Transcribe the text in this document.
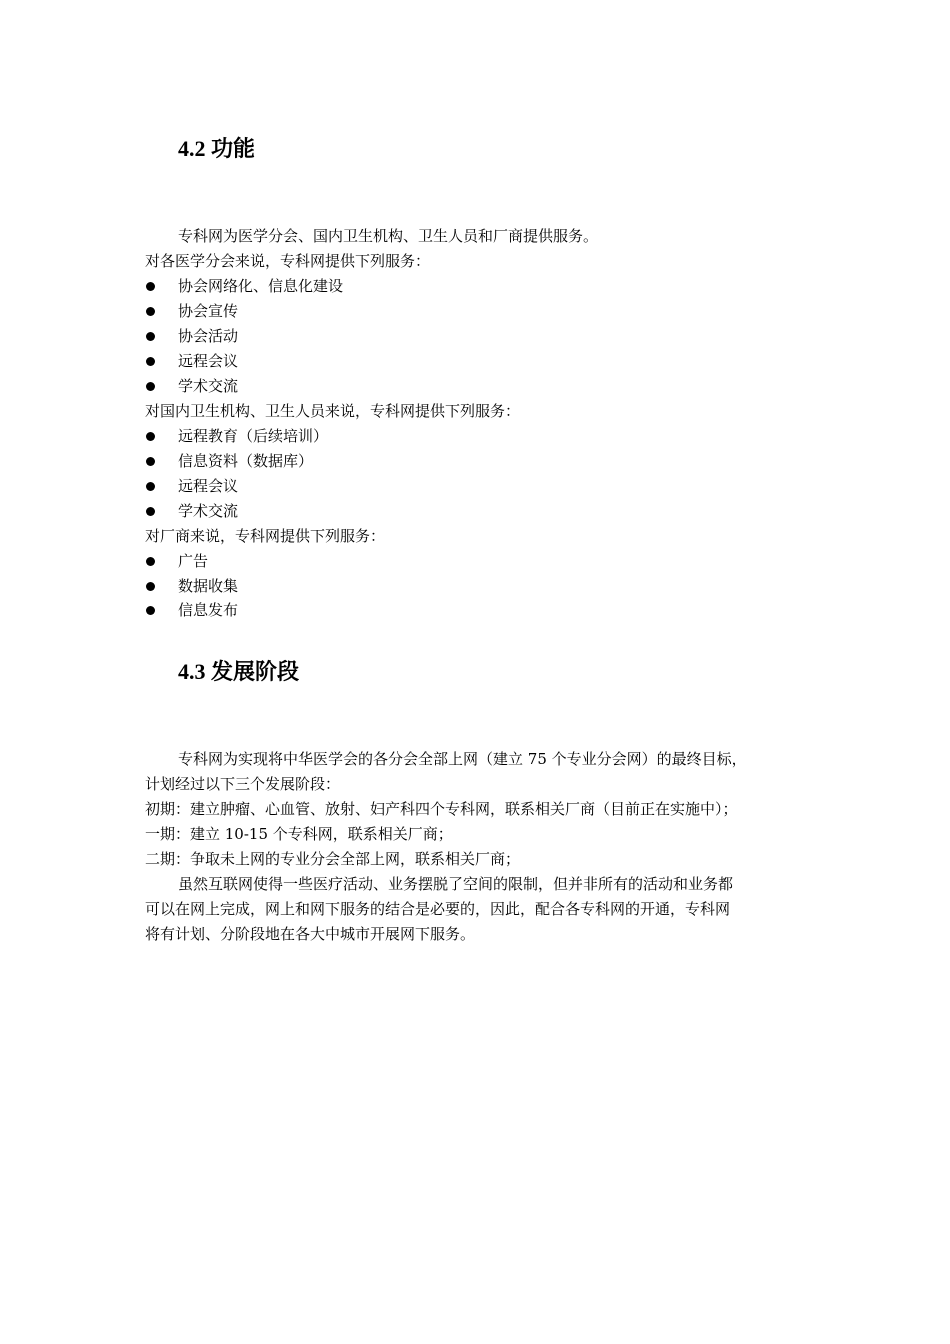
4.2 功能
专科网为医学分会、国内卫生机构、卫生人员和厂商提供服务。
对各医学分会来说，专科网提供下列服务：
协会网络化、信息化建设
协会宣传
协会活动
远程会议
学术交流
对国内卫生机构、卫生人员来说，专科网提供下列服务：
远程教育（后续培训）
信息资料（数据库）
远程会议
学术交流
对厂商来说，专科网提供下列服务：
广告
数据收集
信息发布
4.3 发展阶段
专科网为实现将中华医学会的各分会全部上网（建立 75 个专业分会网）的最终目标，
计划经过以下三个发展阶段：
初期：建立肿瘤、心血管、放射、妇产科四个专科网，联系相关厂商（目前正在实施中）；
一期：建立 10-15 个专科网，联系相关厂商；
二期：争取未上网的专业分会全部上网，联系相关厂商；
虽然互联网使得一些医疗活动、业务摆脱了空间的限制，但并非所有的活动和业务都
可以在网上完成，网上和网下服务的结合是必要的，因此，配合各专科网的开通，专科网
将有计划、分阶段地在各大中城市开展网下服务。
